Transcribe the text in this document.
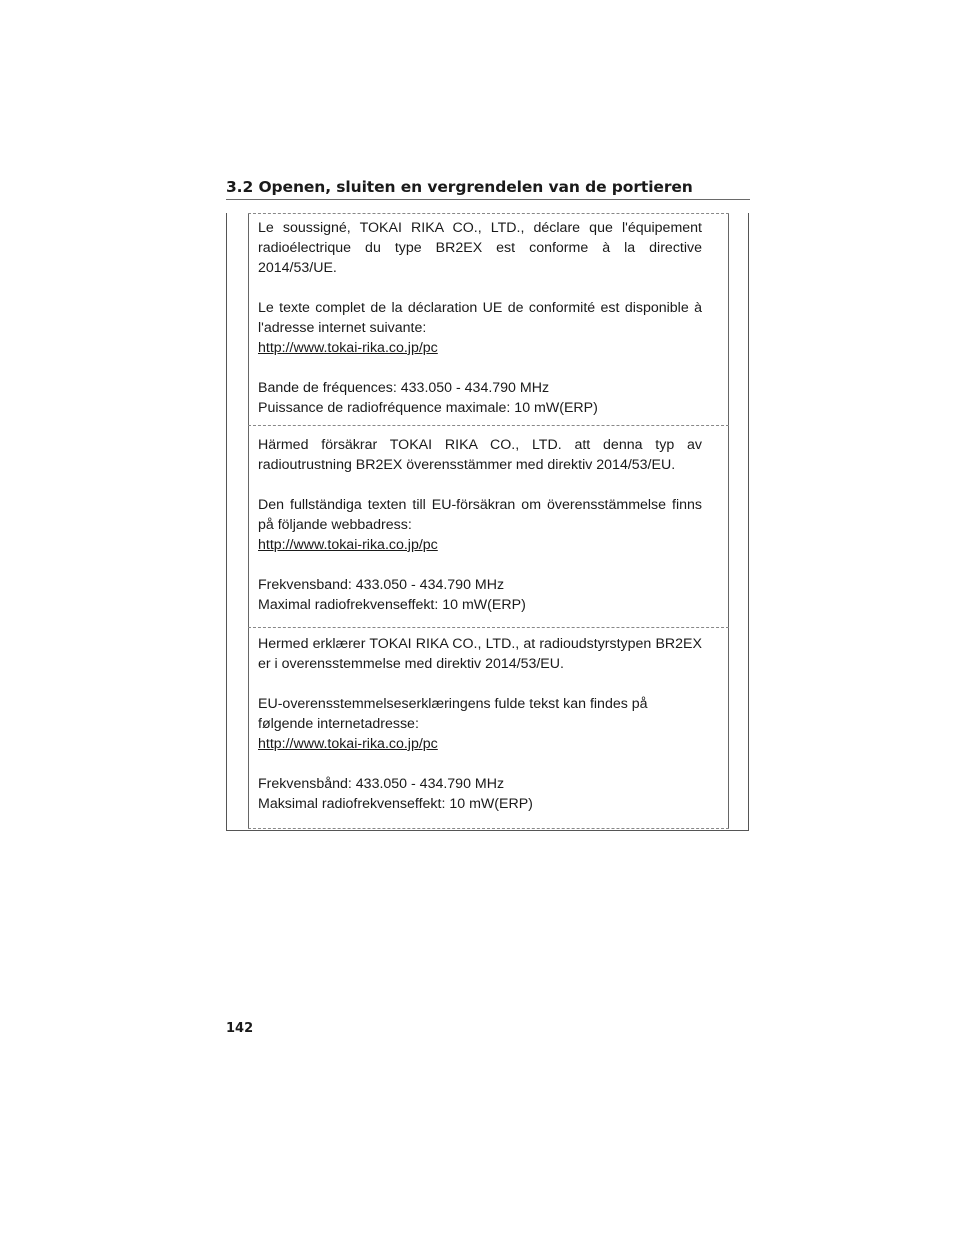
3.2 Openen, sluiten en vergrendelen van de portieren

Le soussigné, TOKAI RIKA CO., LTD., déclare que l'équipement radioélectrique du type BR2EX est conforme à la directive 2014/53/UE.

Le texte complet de la déclaration UE de conformité est disponible à l'adresse internet suivante:

http://www.tokai-rika.co.jp/pc

Bande de fréquences: 433.050 - 434.790 MHz

Puissance de radiofréquence maximale: 10 mW(ERP)

Härmed försäkrar TOKAI RIKA CO., LTD. att denna typ av radioutrustning BR2EX överensstämmer med direktiv 2014/53/EU.

Den fullständiga texten till EU-försäkran om överensstämmelse finns på följande webbadress:

http://www.tokai-rika.co.jp/pc

Frekvensband: 433.050 - 434.790 MHz

Maximal radiofrekvenseffekt: 10 mW(ERP)

Hermed erklærer TOKAI RIKA CO., LTD., at radioudstyrstypen BR2EX er i overensstemmelse med direktiv 2014/53/EU.

EU-overensstemmelseserklæringens fulde tekst kan findes på

følgende internetadresse:

http://www.tokai-rika.co.jp/pc

Frekvensbånd: 433.050 - 434.790 MHz

Maksimal radiofrekvenseffekt: 10 mW(ERP)

142
